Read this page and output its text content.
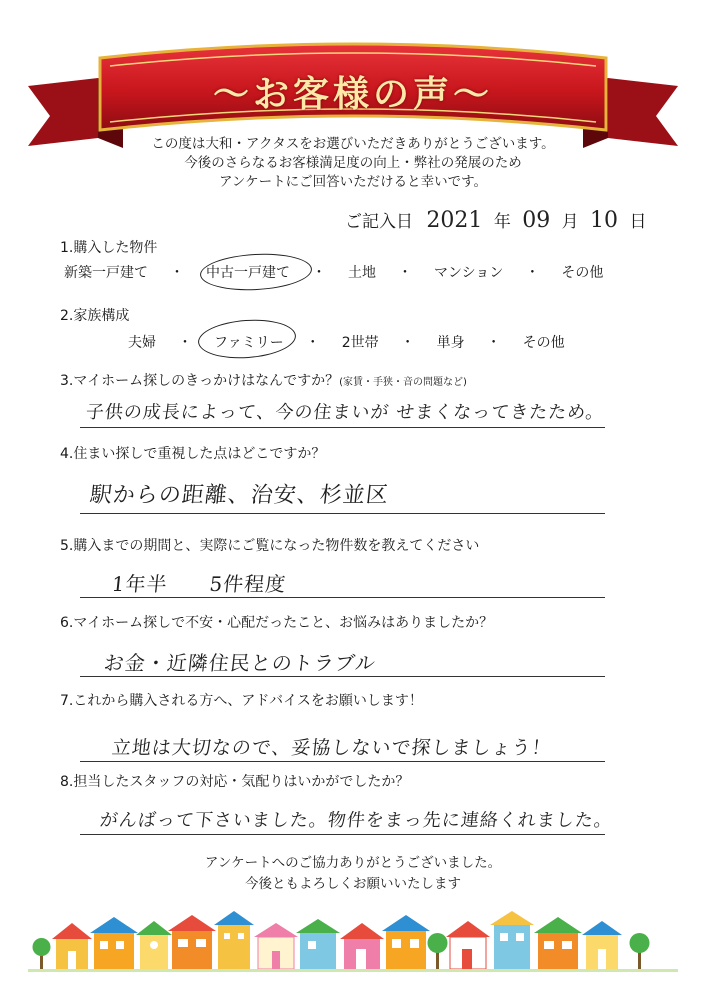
～お客様の声～
この度は大和・アクタスをお選びいただきありがとうございます。
今後のさらなるお客様満足度の向上・弊社の発展のため
アンケートにご回答いただけると幸いです。
ご記入日 2021 年 09 月 10 日
1.購入した物件
新築一戸建て ・ 中古一戸建て ・ 土地 ・ マンション ・ その他
2.家族構成
夫婦 ・ ファミリー ・ 2世帯 ・ 単身 ・ その他
3.マイホーム探しのきっかけはなんですか？(家賃・手狭・音の問題など)
子供の成長によって、今の住まいが せまくなってきたため。
4.住まい探しで重視した点はどこですか？
駅からの距離、治安、杉並区
5.購入までの期間と、実際にご覧になった物件数を教えてください
1年半　　5件程度
6.マイホーム探しで不安・心配だったこと、お悩みはありましたか？
お金・近隣住民とのトラブル
7.これから購入される方へ、アドバイスをお願いします！
立地は大切なので、妥協しないで探しましょう！
8.担当したスタッフの対応・気配りはいかがでしたか？
がんばって下さいました。物件をまっ先に連絡くれました。
アンケートへのご協力ありがとうございました。
今後ともよろしくお願いいたします
